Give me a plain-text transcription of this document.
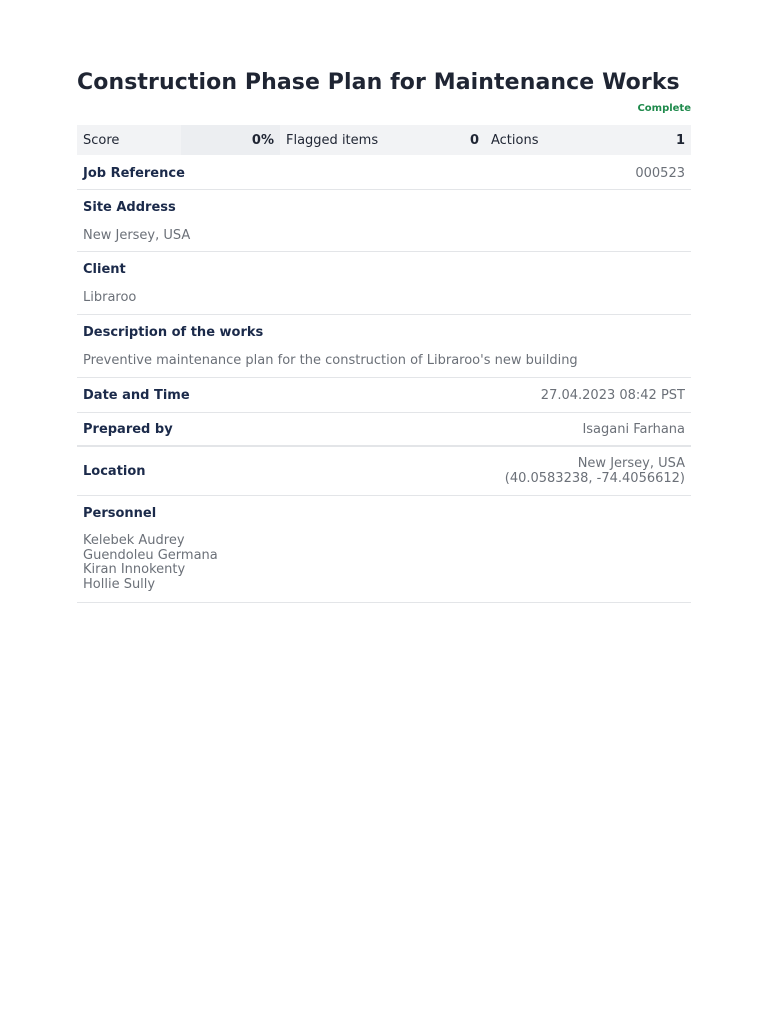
Construction Phase Plan for Maintenance Works
Complete
Score	0% Flagged items	0 Actions	1
Job Reference	000523
Site Address
New Jersey, USA
Client
Libraroo
Description of the works
Preventive maintenance plan for the construction of Libraroo's new building
Date and Time	27.04.2023 08:42 PST
Prepared by	Isagani Farhana
Location	New Jersey, USA
(40.0583238, -74.4056612)
Personnel
Kelebek Audrey
Guendoleu Germana
Kiran Innokenty
Hollie Sully
